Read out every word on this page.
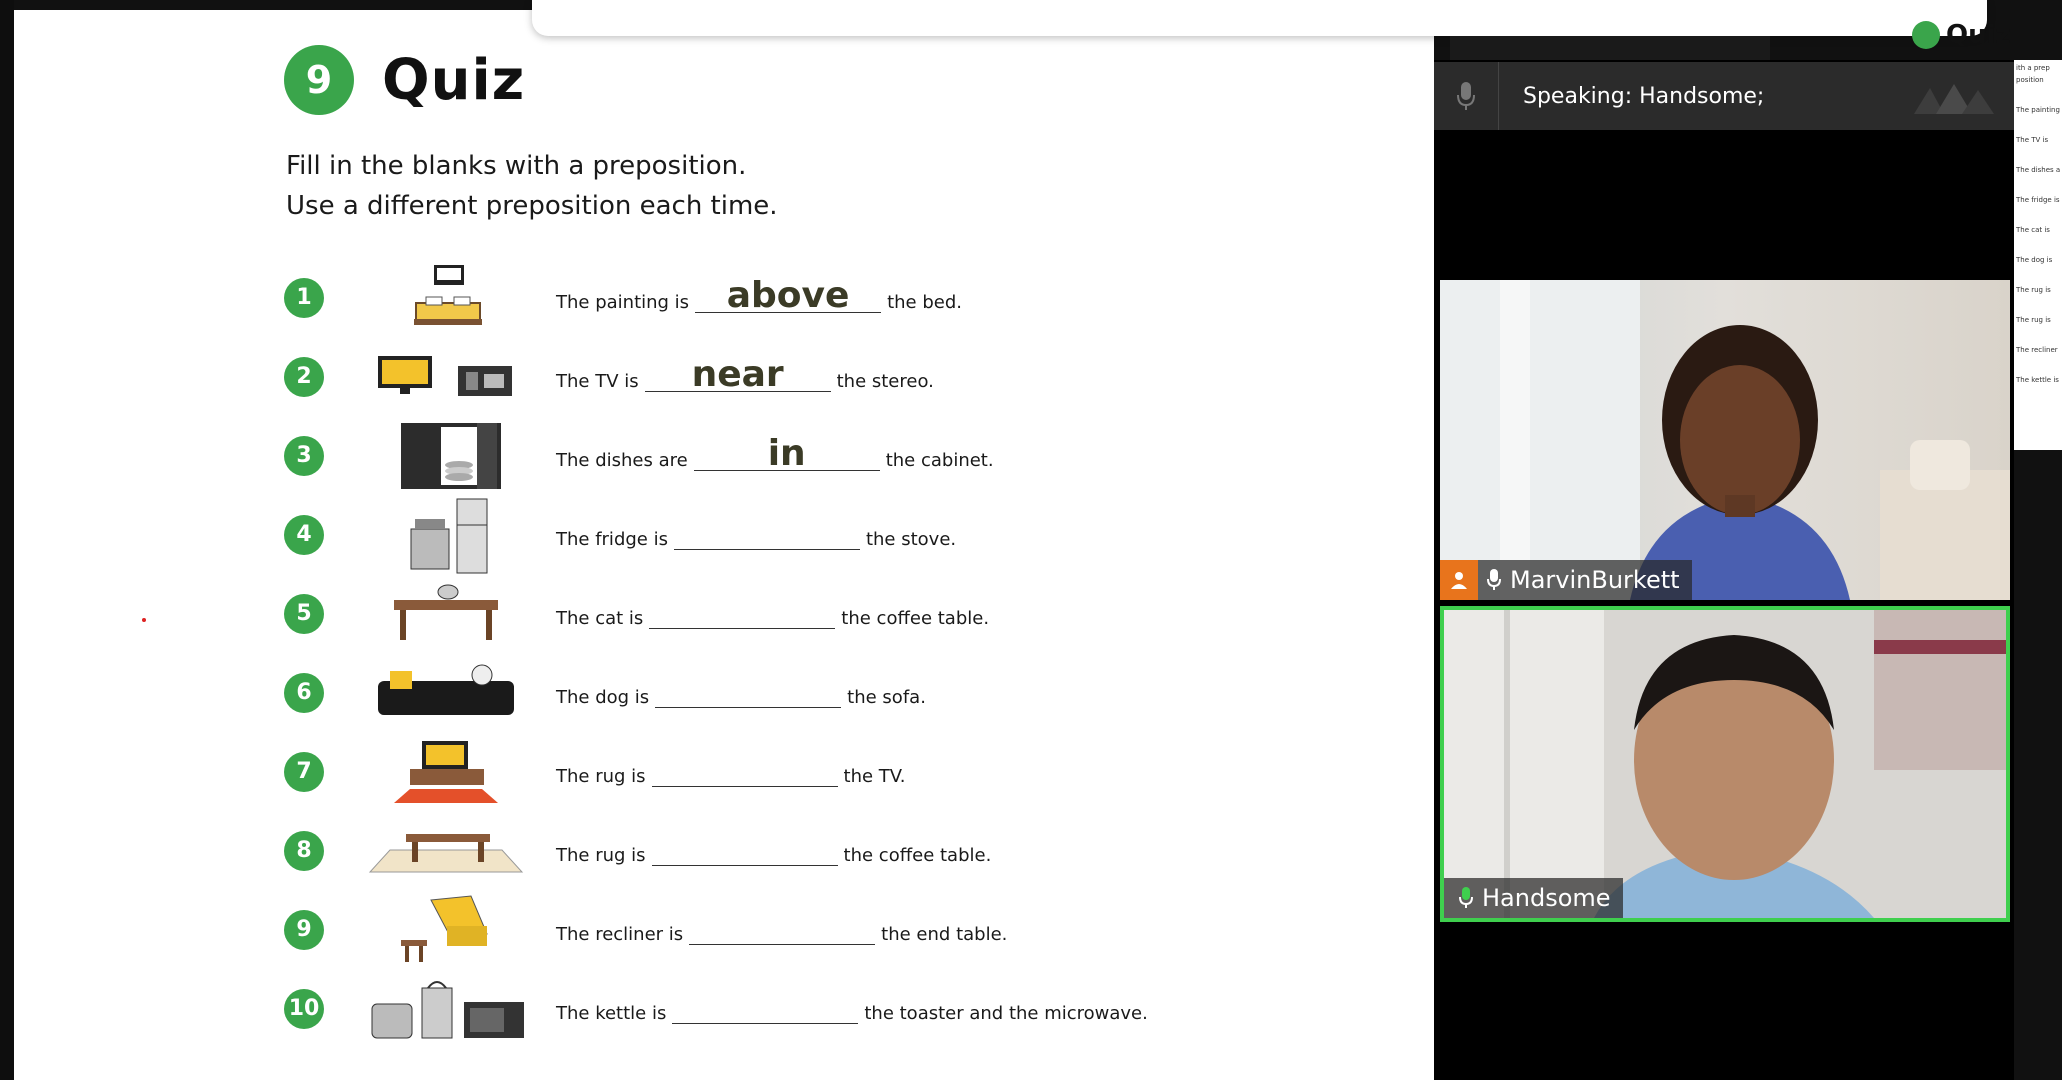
9 Quiz
Fill in the blanks with a preposition.
Use a different preposition each time.
1	The painting is	above	the bed.
2	The TV is	near	the stereo.
3	The dishes are	in	the cabinet.
4	The fridge is	the stove.
5	The cat is	the coffee table.
6	The dog is	the sofa.
7	The rug is	the TV.
8	The rug is	the coffee table.
9	The recliner is	the end table.
10	The kettle is	the toaster and the microwave.
Speaking: Handsome;
MarvinBurkett
Handsome
Quiz
ith a prep
position
The painting
The TV is
The dishes a
The fridge is
The cat is
The dog is
The rug is
The rug is
The recliner
The kettle is
